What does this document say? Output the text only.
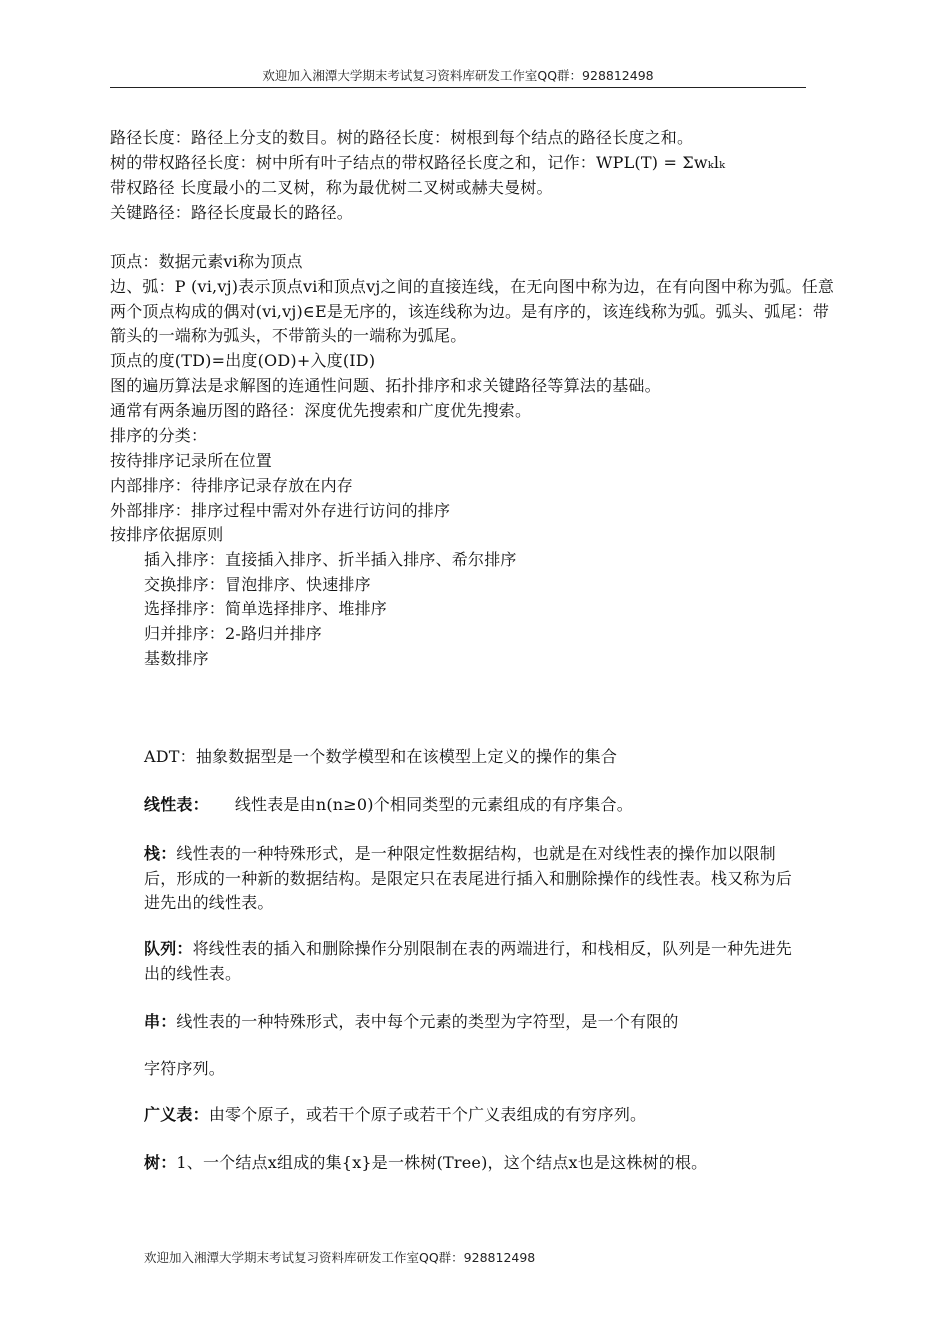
欢迎加入湘潭大学期末考试复习资料库研发工作室QQ群：928812498
路径长度：路径上分支的数目。树的路径长度：树根到每个结点的路径长度之和。
树的带权路径长度：树中所有叶子结点的带权路径长度之和，记作：WPL(T) = Σwₖlₖ
带权路径 长度最小的二叉树，称为最优树二叉树或赫夫曼树。
关键路径：路径长度最长的路径。
顶点：数据元素vi称为顶点
边、弧：P (vi,vj)表示顶点vi和顶点vj之间的直接连线，在无向图中称为边，在有向图中称为弧。任意两个顶点构成的偶对(vi,vj)∈E是无序的，该连线称为边。是有序的，该连线称为弧。弧头、弧尾：带箭头的一端称为弧头，不带箭头的一端称为弧尾。
顶点的度(TD)=出度(OD)+入度(ID)
图的遍历算法是求解图的连通性问题、拓扑排序和求关键路径等算法的基础。
通常有两条遍历图的路径：深度优先搜索和广度优先搜索。
排序的分类：
按待排序记录所在位置
内部排序：待排序记录存放在内存
外部排序：排序过程中需对外存进行访问的排序
按排序依据原则
插入排序：直接插入排序、折半插入排序、希尔排序
交换排序：冒泡排序、快速排序
选择排序：简单选择排序、堆排序
归并排序：2-路归并排序
基数排序
ADT：抽象数据型是一个数学模型和在该模型上定义的操作的集合
线性表： 线性表是由n(n≥0)个相同类型的元素组成的有序集合。
栈：线性表的一种特殊形式，是一种限定性数据结构，也就是在对线性表的操作加以限制后，形成的一种新的数据结构。是限定只在表尾进行插入和删除操作的线性表。栈又称为后进先出的线性表。
队列：将线性表的插入和删除操作分别限制在表的两端进行，和栈相反，队列是一种先进先出的线性表。
串：线性表的一种特殊形式，表中每个元素的类型为字符型，是一个有限的
字符序列。
广义表：由零个原子，或若干个原子或若干个广义表组成的有穷序列。
树：1、一个结点x组成的集{x}是一株树(Tree)，这个结点x也是这株树的根。
欢迎加入湘潭大学期末考试复习资料库研发工作室QQ群：928812498
